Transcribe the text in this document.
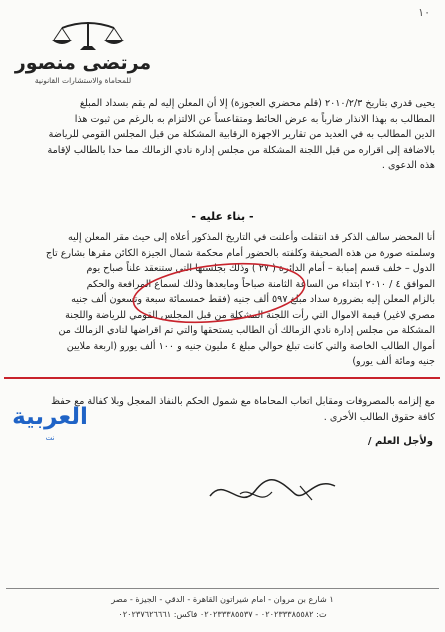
١٠
مرتضى منصور
للمحاماة والاستشارات القانونية
يحيى قدري بتاريخ ٢٠١٠/٢/٣ (قلم محضري العجوزة) إلا أن المعلن إليه لم يقم بسداد المبلغ
المطالب به بهذا الانذار ضارباً به عرض الحائط ومتقاعساً عن الالتزام به بالرغم من ثبوت هذا
الدين المطالب به في العديد من تقارير الاجهزة الرقابية المشكلة من قبل المجلس القومي للرياضة
بالاضافة إلى اقراره من قبل اللجنة المشكلة من مجلس إدارة نادي الزمالك مما حدا بالطالب لإقامة
هذه الدعوى .
- بناء عليه -
أنا المحضر سالف الذكر قد انتقلت وأعلنت في التاريخ المذكور أعلاه إلى حيث مقر المعلن إليه
وسلمته صورة من هذه الصحيفة وكلفته بالحضور أمام محكمة شمال الجيزة الكائن مقرها بشارع تاج
الدول – خلف قسم إمبابة – أمام الدائرة ( ٢٧ ) وذلك بجلستها التي ستنعقد علناً صباح يوم
الموافق ٤ / ٢٠١٠ ابتداء من الساعة الثامنة صباحاً ومابعدها وذلك لسماع المرافعة والحكم
بالزام المعلن إليه بضرورة سداد مبلغ ٥٩٧ ألف جنيه (فقط خمسمائة سبعة وتسعون ألف جنيه
مصري لاغير) قيمة الاموال التي رأت اللجنة المشكلة من قبل المجلس القومي للرياضة واللجنة
المشكلة من مجلس إدارة نادي الزمالك أن الطالب يستحقها والتي تم اقراضها لنادي الزمالك من
أموال الطالب الخاصة والتي كانت تبلغ حوالي مبلغ ٤ مليون جنيه و ١٠٠ ألف يورو (اربعة ملايين
جنيه ومائة ألف يورو)
مع إلزامه بالمصروفات ومقابل اتعاب المحاماة مع شمول الحكم بالنفاذ المعجل وبلا كفالة مع حفظ
كافة حقوق الطالب الأخرى .
العربية
نت	ولأجل العلم /
١ شارع بن مروان - امام شيراتون القاهرة - الدقي - الجيزة - مصر
ت: ٠٢٠٢٣٣٣٨٥٥٨٢ - ٠٢٠٢٣٣٣٨٥٥٣٧ فاكس: ٠٢٠٢٣٧٦٢٦٦٦١
